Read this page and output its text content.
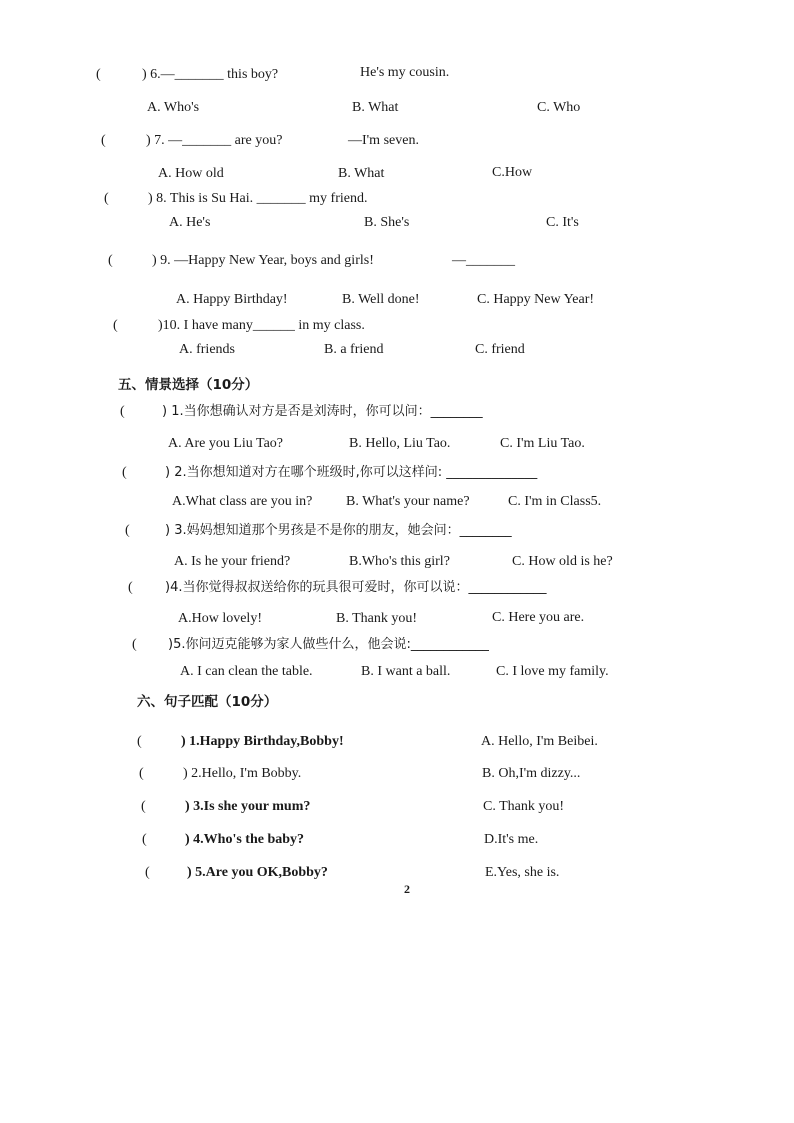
(	) 6.—_______ this boy?	He's my cousin.
A. Who's	B. What	C. Who
(	) 7. —_______ are you?	—I'm seven.
A. How old	B. What	C.How
(	) 8. This is Su Hai. _______ my friend.
A. He's	B. She's	C. It's
(	) 9. —Happy New Year, boys and girls!	—_______
A. Happy Birthday!	B. Well done!	C. Happy New Year!
(	)10. I have many______ in my class.
A. friends	B. a friend	C. friend
五、情景选择（10分）
(	) 1.当你想确认对方是否是刘涛时，你可以问：________
A. Are you Liu Tao?	B. Hello, Liu Tao.	C. I'm Liu Tao.
(	) 2.当你想知道对方在哪个班级时,你可以这样问: ______________
A.What class are you in? B. What's your name?	C. I'm in Class5.
(	) 3.妈妈想知道那个男孩是不是你的朋友，她会问：________
A. Is he your friend?	B.Who's this girl?	C. How old is he?
( )4.当你觉得叔叔送给你的玩具很可爱时，你可以说：____________
A.How lovely!	B. Thank you!	C. Here you are.
( )5.你问迈克能够为家人做些什么，他会说:____________
A. I can clean the table.	B. I want a ball.	C. I love my family.
六、句子匹配（10分）
(	) 1.Happy Birthday,Bobby!	A. Hello, I'm Beibei.
(	) 2.Hello, I'm Bobby.	B. Oh,I'm dizzy...
(	) 3.Is she your mum?	C. Thank you!
(	) 4.Who's the baby?	D.It's me.
(	) 5.Are you OK,Bobby?	E.Yes, she is.
2
